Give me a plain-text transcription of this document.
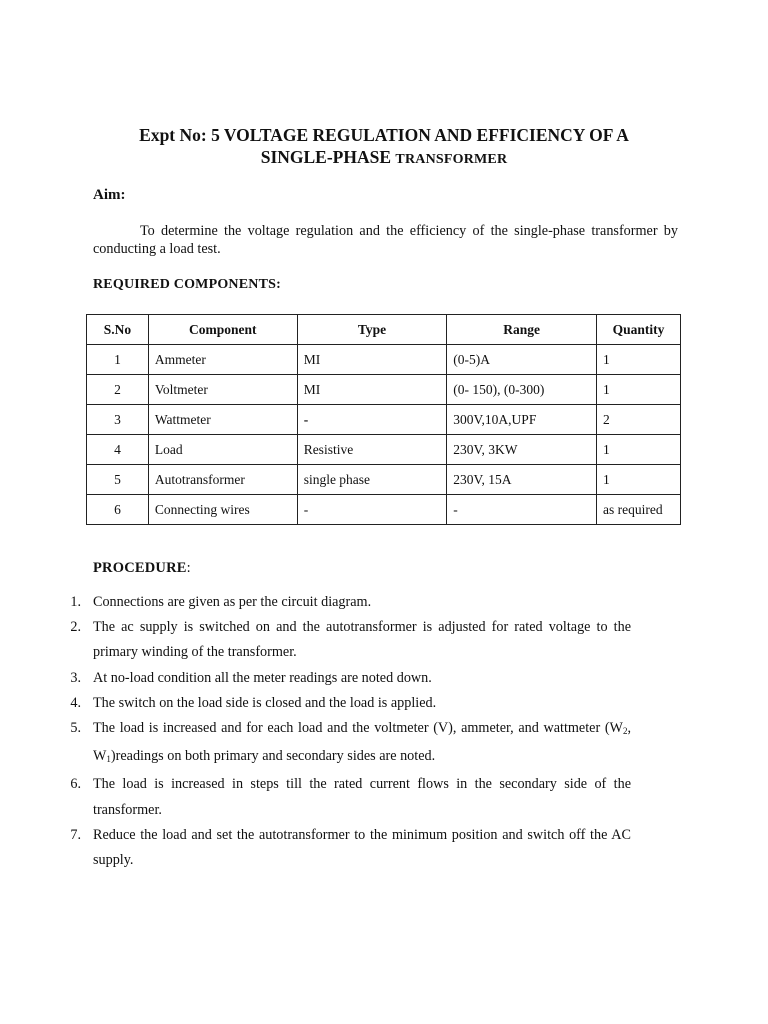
Expt No: 5 VOLTAGE REGULATION AND EFFICIENCY OF A
SINGLE-PHASE TRANSFORMER
Aim:
To determine the voltage regulation and the efficiency of the single-phase transformer by conducting a load test.
REQUIRED COMPONENTS:
S.No	Component	Type	Range	Quantity
1	Ammeter	MI	(0-5)A	1
2	Voltmeter	MI	(0- 150), (0-300)	1
3	Wattmeter	-	300V,10A,UPF	2
4	Load	Resistive	230V, 3KW	1
5	Autotransformer	single phase	230V, 15A	1
6	Connecting wires	-	-	as required
PROCEDURE:
1. Connections are given as per the circuit diagram.
2. The ac supply is switched on and the autotransformer is adjusted for rated voltage to the primary winding of the transformer.
3. At no-load condition all the meter readings are noted down.
4. The switch on the load side is closed and the load is applied.
5. The load is increased and for each load and the voltmeter (V), ammeter, and wattmeter ($W_2$, $W_1)readings$ on both primary and secondary sides are noted.
6. The load is increased in steps till the rated current flows in the secondary side of the transformer.
7. Reduce the load and set the autotransformer to the minimum position and switch off the AC supply.
